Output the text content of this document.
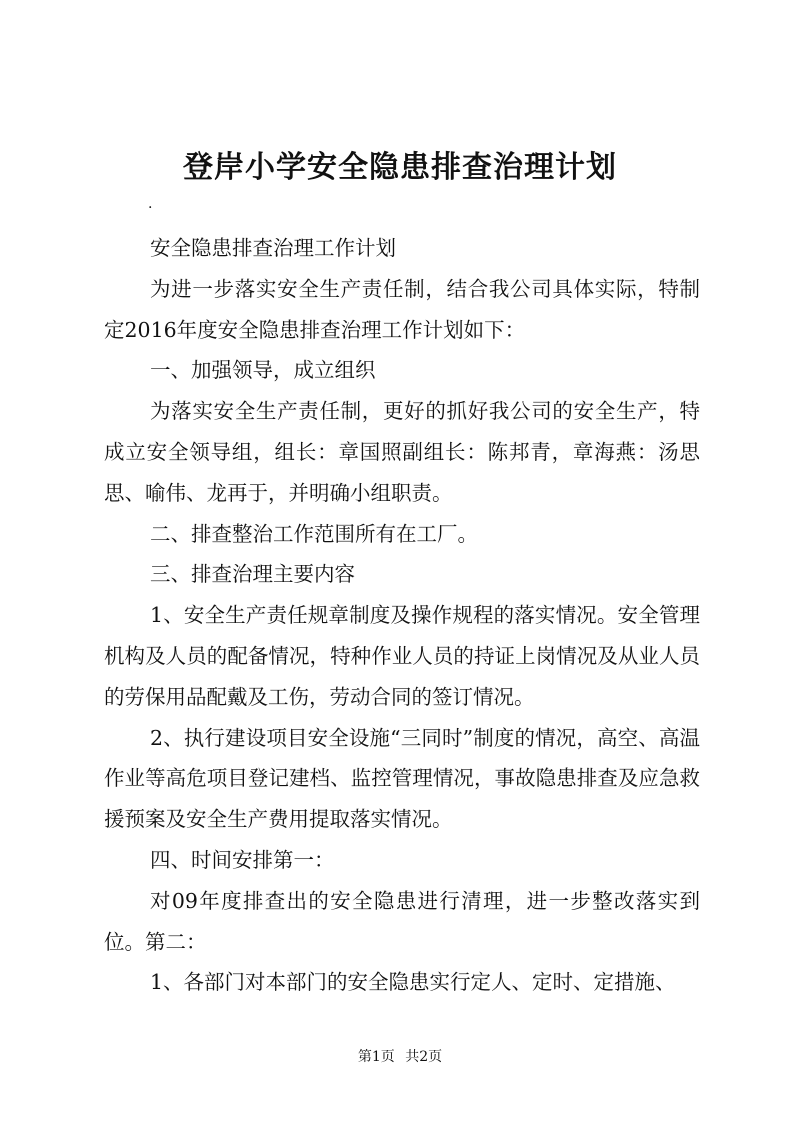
登岸小学安全隐患排查治理计划
.

安全隐患排查治理工作计划

为进一步落实安全生产责任制，结合我公司具体实际，特制定2016年度安全隐患排查治理工作计划如下：

一、加强领导，成立组织

为落实安全生产责任制，更好的抓好我公司的安全生产，特成立安全领导组，组长：章国照副组长：陈邦青，章海燕：汤思思、喻伟、龙再于，并明确小组职责。

二、排查整治工作范围所有在工厂。

三、排查治理主要内容

1、安全生产责任规章制度及操作规程的落实情况。安全管理机构及人员的配备情况，特种作业人员的持证上岗情况及从业人员的劳保用品配戴及工伤，劳动合同的签订情况。

2、执行建设项目安全设施“三同时”制度的情况，高空、高温作业等高危项目登记建档、监控管理情况，事故隐患排查及应急救援预案及安全生产费用提取落实情况。

四、时间安排第一：

对09年度排查出的安全隐患进行清理，进一步整改落实到位。第二：

1、各部门对本部门的安全隐患实行定人、定时、定措施、

第1页 共2页
